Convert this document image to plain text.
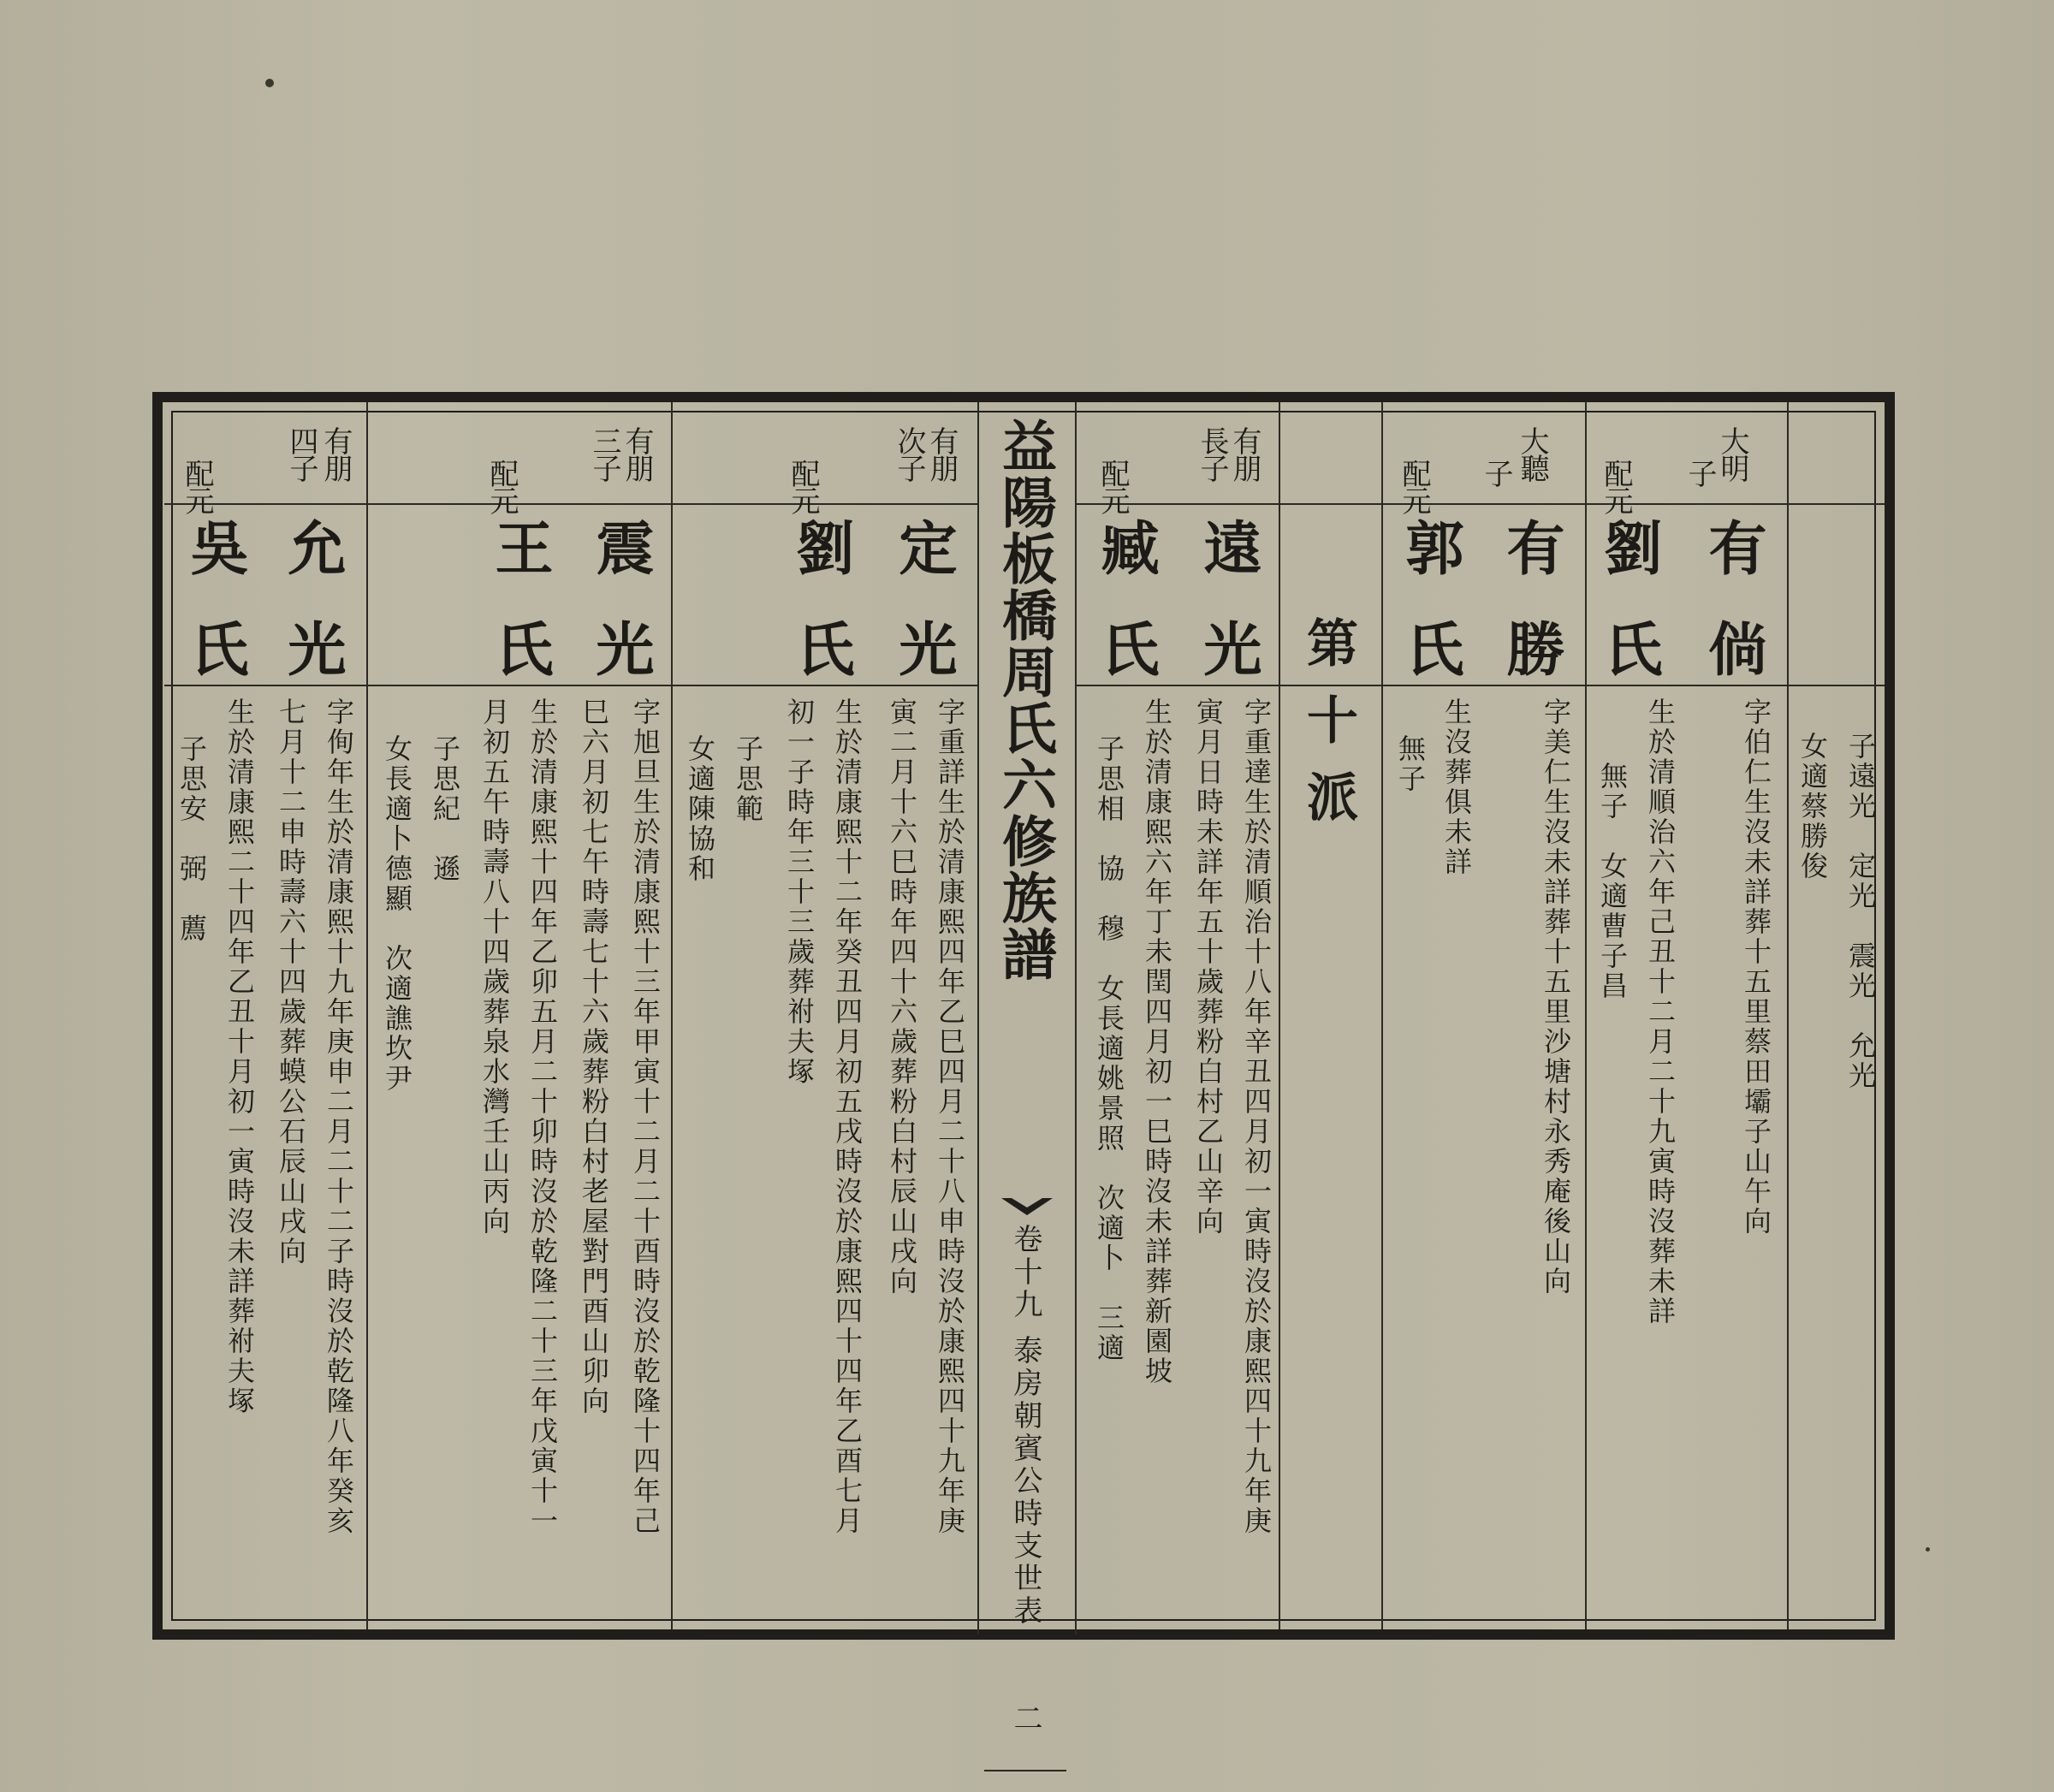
益陽板橋周氏六修族譜
卷十九
泰房朝賓公時支世表
二
子遠光　定光　震光　允光
女適蔡勝俊
大明
子
配元
有倘
劉氏
字伯仁生沒未詳葬十五里蔡田壩子山午向
生於清順治六年己丑十二月二十九寅時沒葬未詳
無子　女適曹子昌
大聽
子
配元
有勝
郭氏
字美仁生沒未詳葬十五里沙塘村永秀庵後山向
生沒葬俱未詳
無子
第十派
有朋
長子
配元
遠光
臧氏
字重達生於清順治十八年辛丑四月初一寅時沒於康熙四十九年庚
寅月日時未詳年五十歲葬粉白村乙山辛向
生於清康熙六年丁未閏四月初一巳時沒未詳葬新園坡
子思相　協　穆　女長適姚景照　次適卜　三適
有朋
次子
配元
定光
劉氏
字重詳生於清康熙四年乙巳四月二十八申時沒於康熙四十九年庚
寅二月十六巳時年四十六歲葬粉白村辰山戌向
生於清康熙十二年癸丑四月初五戌時沒於康熙四十四年乙酉七月
初一子時年三十三歲葬祔夫塚
子思範
女適陳協和
有朋
三子
配元
震光
王氏
字旭旦生於清康熙十三年甲寅十二月二十酉時沒於乾隆十四年己
巳六月初七午時壽七十六歲葬粉白村老屋對門酉山卯向
生於清康熙十四年乙卯五月二十卯時沒於乾隆二十三年戊寅十一
月初五午時壽八十四歲葬泉水灣壬山丙向
子思紀　遜
女長適卜德顯　次適譙坎尹
有朋
四子
配元
允光
吳氏
字侚年生於清康熙十九年庚申二月二十二子時沒於乾隆八年癸亥
七月十二申時壽六十四歲葬蟆公石辰山戌向
生於清康熙二十四年乙丑十月初一寅時沒未詳葬祔夫塚
子思安　弼　薦
